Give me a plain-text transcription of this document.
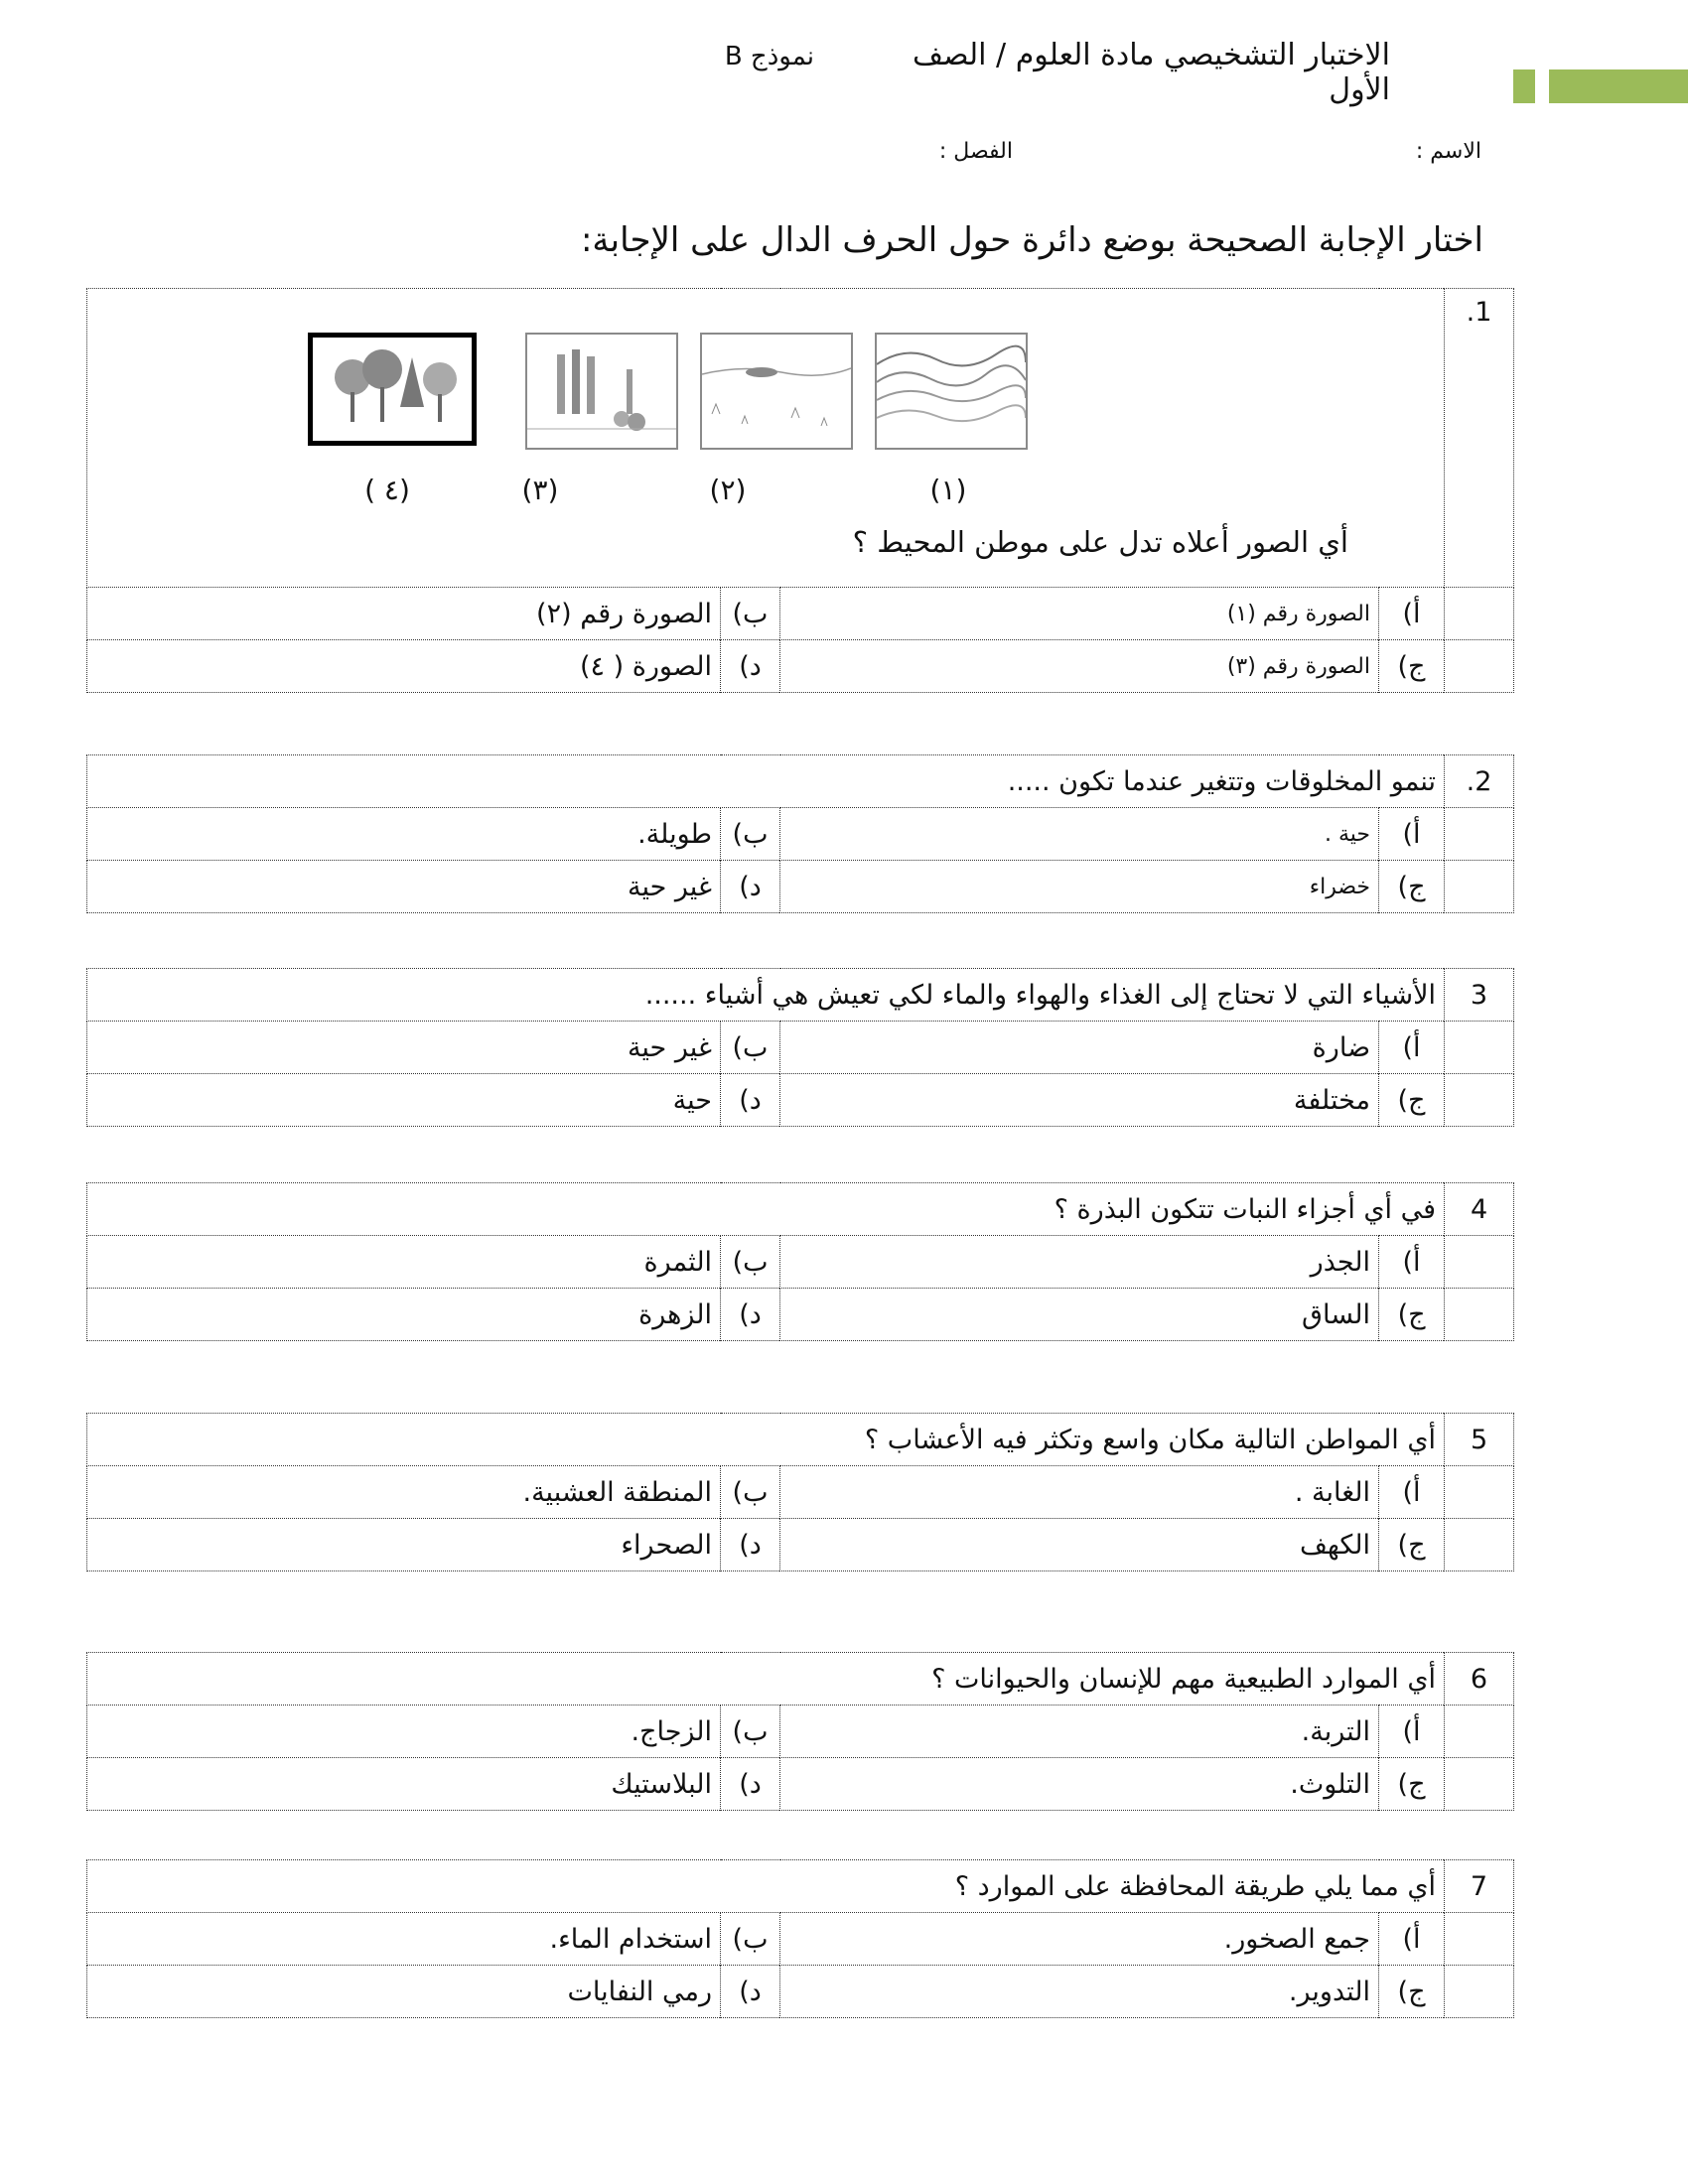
الاختبار التشخيصي مادة العلوم / الصف الأول
نموذج B
الاسم :
الفصل :
اختار الإجابة الصحيحة بوضع دائرة حول الحرف الدال على الإجابة:
1.	(١)
(٢)
(٣)
( ٤)
أي الصور أعلاه تدل على موطن المحيط ؟			

	أ)	الصورة رقم (١)	ب)	الصورة رقم (٢)
	ج)	الصورة رقم (٣)	د)	الصورة ( ٤)
2.	تنمو المخلوقات وتتغير عندما تكون .....			
	أ)	حية .	ب)	طويلة.
	ج)	خضراء	د)	غير حية
3	الأشياء التي لا تحتاج إلى الغذاء والهواء والماء لكي تعيش هي أشياء ......			
	أ)	ضارة	ب)	غير حية
	ج)	مختلفة	د)	حية
4	في أي أجزاء النبات تتكون البذرة ؟			
	أ)	الجذر	ب)	الثمرة
	ج)	الساق	د)	الزهرة
5	أي المواطن التالية مكان واسع وتكثر فيه الأعشاب ؟			
	أ)	الغابة .	ب)	المنطقة العشبية.
	ج)	الكهف	د)	الصحراء
6	أي الموارد الطبيعية مهم للإنسان والحيوانات ؟			
	أ)	التربة.	ب)	الزجاج.
	ج)	التلوث.	د)	البلاستيك
7	أي مما يلي طريقة المحافظة على الموارد ؟			
	أ)	جمع الصخور.	ب)	استخدام الماء.
	ج)	التدوير.	د)	رمي النفايات
